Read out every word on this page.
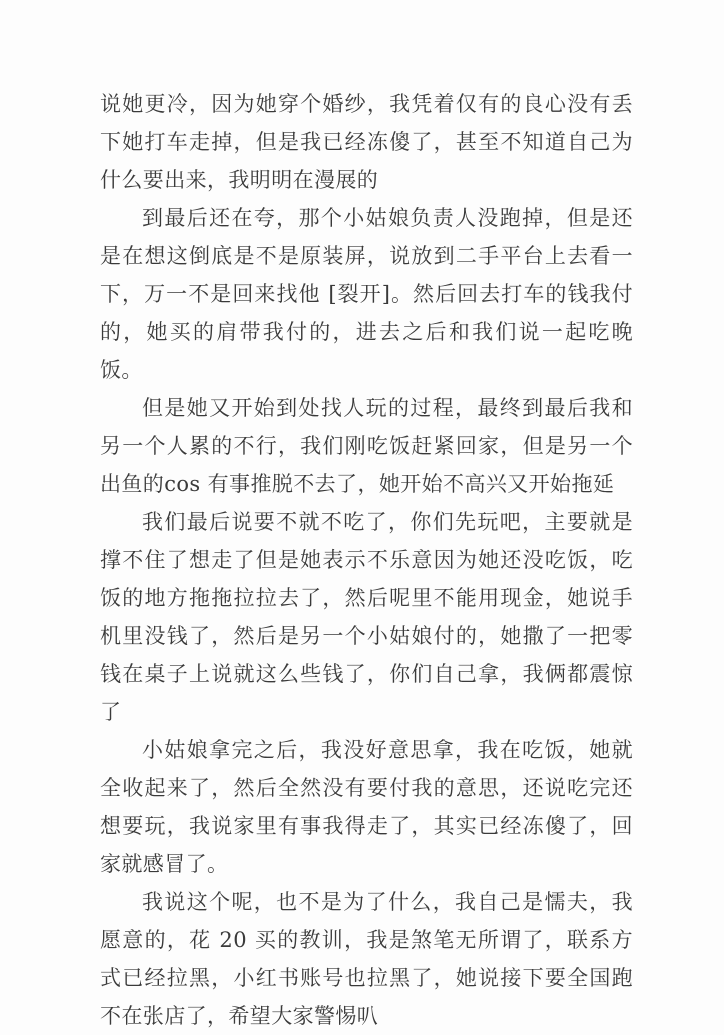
说她更冷，因为她穿个婚纱，我凭着仅有的良心没有丢下她打车走掉，但是我已经冻傻了，甚至不知道自己为什么要出来，我明明在漫展的

到最后还在夸，那个小姑娘负责人没跑掉，但是还是在想这倒底是不是原装屏，说放到二手平台上去看一下，万一不是回来找他 [裂开]。然后回去打车的钱我付的，她买的肩带我付的，进去之后和我们说一起吃晚饭。

但是她又开始到处找人玩的过程，最终到最后我和另一个人累的不行，我们刚吃饭赶紧回家，但是另一个出鱼的cos 有事推脱不去了，她开始不高兴又开始拖延

我们最后说要不就不吃了，你们先玩吧，主要就是撑不住了想走了但是她表示不乐意因为她还没吃饭，吃饭的地方拖拖拉拉去了，然后呢里不能用现金，她说手机里没钱了，然后是另一个小姑娘付的，她撒了一把零钱在桌子上说就这么些钱了，你们自己拿，我俩都震惊了

小姑娘拿完之后，我没好意思拿，我在吃饭，她就全收起来了，然后全然没有要付我的意思，还说吃完还想要玩，我说家里有事我得走了，其实已经冻傻了，回家就感冒了。

我说这个呢，也不是为了什么，我自己是懦夫，我愿意的，花 20 买的教训，我是煞笔无所谓了，联系方式已经拉黑，小红书账号也拉黑了，她说接下要全国跑不在张店了，希望大家警惕叭
